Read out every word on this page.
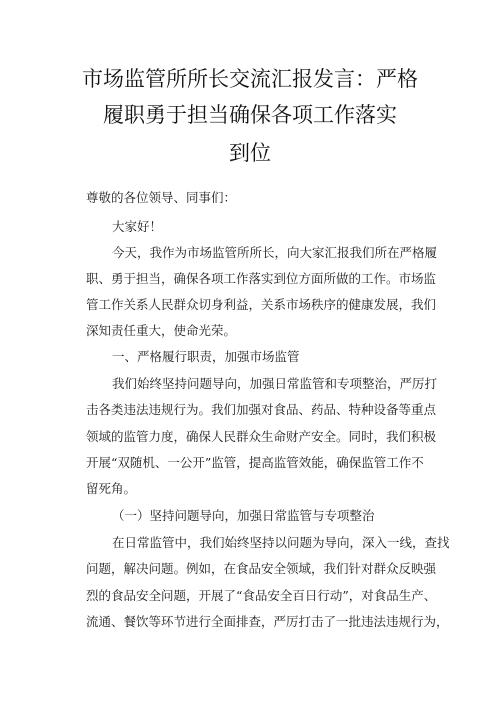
市场监管所所长交流汇报发言：严格
履职勇于担当确保各项工作落实
到位
尊敬的各位领导、同事们：
大家好！
今天，我作为市场监管所所长，向大家汇报我们所在严格履
职、勇于担当，确保各项工作落实到位方面所做的工作。市场监
管工作关系人民群众切身利益，关系市场秩序的健康发展，我们
深知责任重大，使命光荣。
一、严格履行职责，加强市场监管
我们始终坚持问题导向，加强日常监管和专项整治，严厉打
击各类违法违规行为。我们加强对食品、药品、特种设备等重点
领域的监管力度，确保人民群众生命财产安全。同时，我们积极
开展“双随机、一公开”监管，提高监管效能，确保监管工作不
留死角。
（一）坚持问题导向，加强日常监管与专项整治
在日常监管中，我们始终坚持以问题为导向，深入一线，查找
问题，解决问题。例如，在食品安全领域，我们针对群众反映强
烈的食品安全问题，开展了“食品安全百日行动”，对食品生产、
流通、餐饮等环节进行全面排查，严厉打击了一批违法违规行为，
